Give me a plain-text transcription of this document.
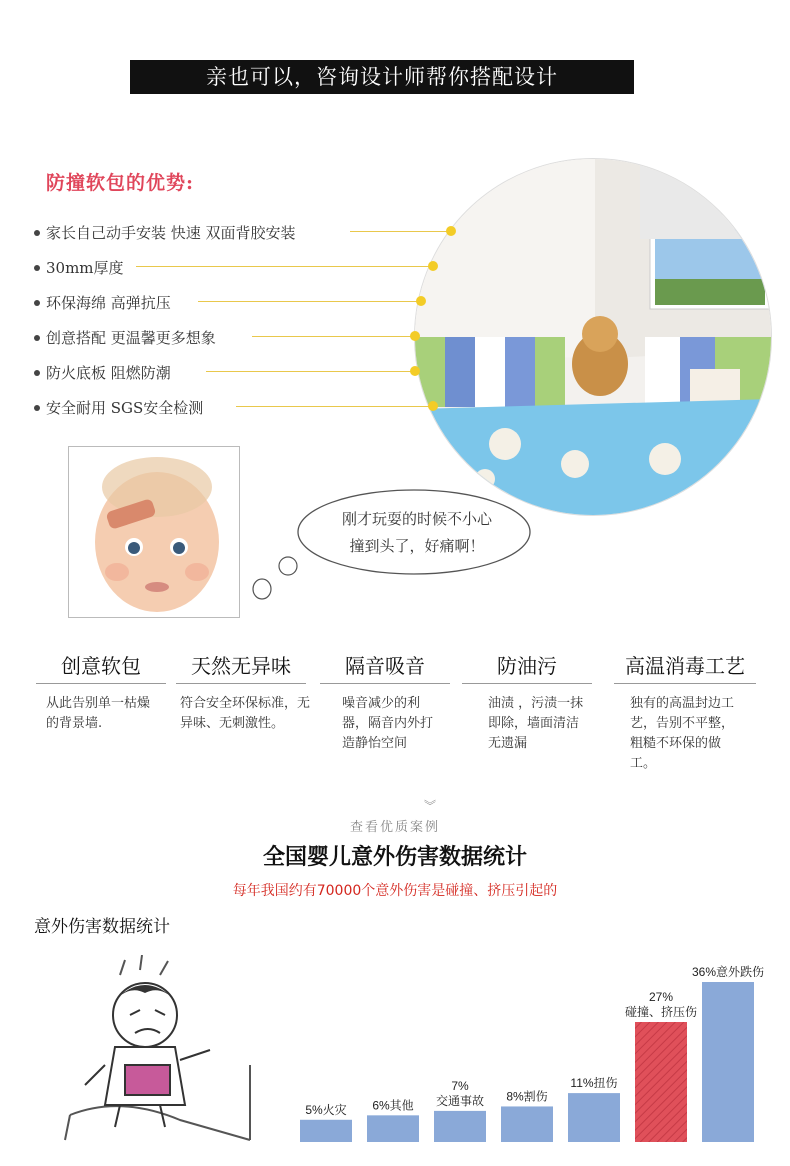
亲也可以，咨询设计师帮你搭配设计
防撞软包的优势:
家长自己动手安装 快速 双面背胶安装
30mm厚度
环保海绵 高弹抗压
创意搭配 更温馨更多想象
防火底板 阻燃防潮
安全耐用 SGS安全检测
刚才玩耍的时候不小心
撞到头了，好痛啊！
创意软包
从此告别单一枯燥的背景墙.
天然无异味
符合安全环保标准，无异味、无刺激性。
隔音吸音
噪音减少的利器，隔音内外打造静怡空间
防油污
油渍 ，污渍一抹即除，墙面清洁无遗漏
高温消毒工艺
独有的高温封边工艺，告别不平整，粗糙不环保的做工。
︾
查看优质案例
全国婴儿意外伤害数据统计
每年我国约有70000个意外伤害是碰撞、挤压引起的
意外伤害数据统计
5%火灾 6%其他
7%
交通事故 8%割伤
11%扭伤
27%
碰撞、挤压伤
36%意外跌伤
